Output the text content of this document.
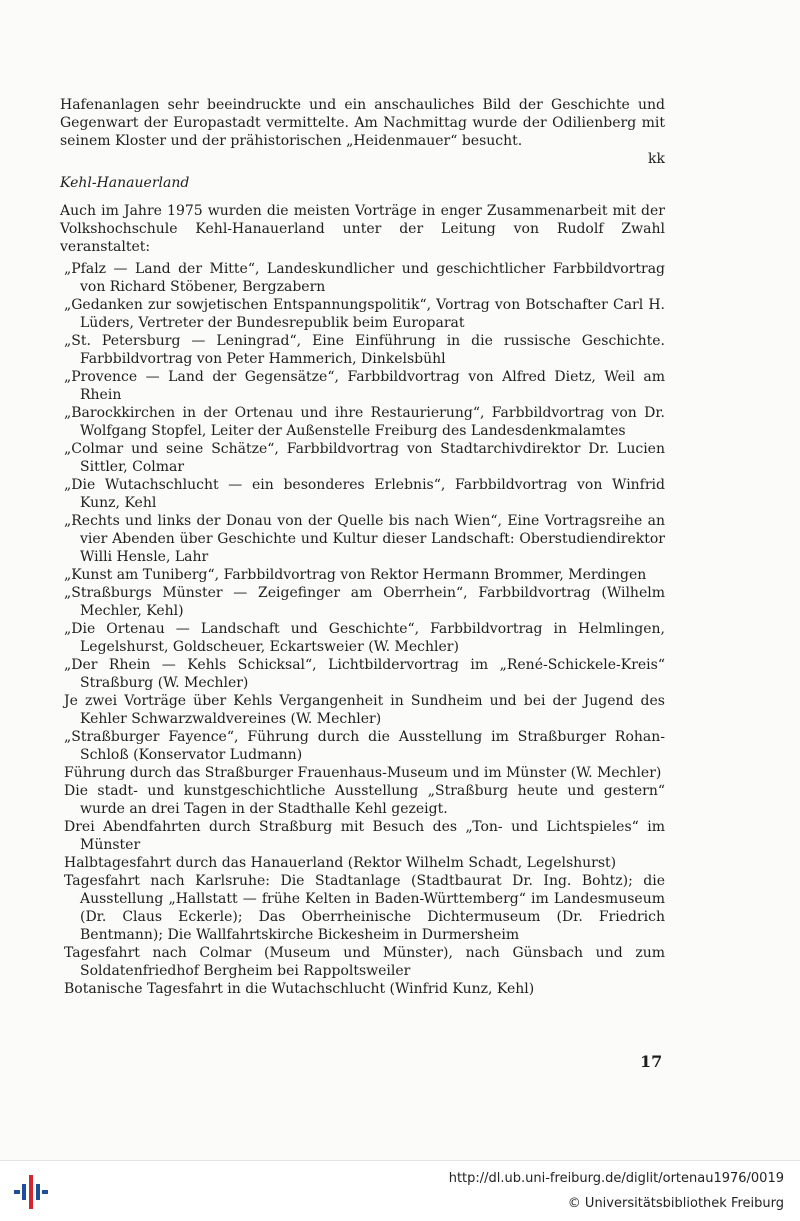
Hafenanlagen sehr beeindruckte und ein anschauliches Bild der Geschichte und Gegenwart der Europastadt vermittelte. Am Nachmittag wurde der Odilienberg mit seinem Kloster und der prähistorischen „Heidenmauer“ besucht.

kk

Kehl-Hanauerland

Auch im Jahre 1975 wurden die meisten Vorträge in enger Zusammenarbeit mit der Volkshochschule Kehl-Hanauerland unter der Leitung von Rudolf Zwahl veranstaltet:

„Pfalz — Land der Mitte“, Landeskundlicher und geschichtlicher Farbbildvortrag von Richard Stöbener, Bergzabern

„Gedanken zur sowjetischen Entspannungspolitik“, Vortrag von Botschafter Carl H. Lüders, Vertreter der Bundesrepublik beim Europarat

„St. Petersburg — Leningrad“, Eine Einführung in die russische Geschichte. Farbbildvortrag von Peter Hammerich, Dinkelsbühl

„Provence — Land der Gegensätze“, Farbbildvortrag von Alfred Dietz, Weil am Rhein

„Barockkirchen in der Ortenau und ihre Restaurierung“, Farbbildvortrag von Dr. Wolfgang Stopfel, Leiter der Außenstelle Freiburg des Landesdenkmalamtes

„Colmar und seine Schätze“, Farbbildvortrag von Stadtarchivdirektor Dr. Lucien Sittler, Colmar

„Die Wutachschlucht — ein besonderes Erlebnis“, Farbbildvortrag von Winfrid Kunz, Kehl

„Rechts und links der Donau von der Quelle bis nach Wien“, Eine Vortragsreihe an vier Abenden über Geschichte und Kultur dieser Landschaft: Oberstudiendirektor Willi Hensle, Lahr

„Kunst am Tuniberg“, Farbbildvortrag von Rektor Hermann Brommer, Merdingen

„Straßburgs Münster — Zeigefinger am Oberrhein“, Farbbildvortrag (Wilhelm Mechler, Kehl)

„Die Ortenau — Landschaft und Geschichte“, Farbbildvortrag in Helmlingen, Legelshurst, Goldscheuer, Eckartsweier (W. Mechler)

„Der Rhein — Kehls Schicksal“, Lichtbildervortrag im „René-Schickele-Kreis“ Straßburg (W. Mechler)

Je zwei Vorträge über Kehls Vergangenheit in Sundheim und bei der Jugend des Kehler Schwarzwaldvereines (W. Mechler)

„Straßburger Fayence“, Führung durch die Ausstellung im Straßburger Rohan-Schloß (Konservator Ludmann)

Führung durch das Straßburger Frauenhaus-Museum und im Münster (W. Mechler)

Die stadt- und kunstgeschichtliche Ausstellung „Straßburg heute und gestern“ wurde an drei Tagen in der Stadthalle Kehl gezeigt.

Drei Abendfahrten durch Straßburg mit Besuch des „Ton- und Lichtspieles“ im Münster

Halbtagesfahrt durch das Hanauerland (Rektor Wilhelm Schadt, Legelshurst)

Tagesfahrt nach Karlsruhe: Die Stadtanlage (Stadtbaurat Dr. Ing. Bohtz); die Ausstellung „Hallstatt — frühe Kelten in Baden-Württemberg“ im Landesmuseum (Dr. Claus Eckerle); Das Oberrheinische Dichtermuseum (Dr. Friedrich Bentmann); Die Wallfahrtskirche Bickesheim in Durmersheim

Tagesfahrt nach Colmar (Museum und Münster), nach Günsbach und zum Soldatenfriedhof Bergheim bei Rappoltsweiler

Botanische Tagesfahrt in die Wutachschlucht (Winfrid Kunz, Kehl)

17
http://dl.ub.uni-freiburg.de/diglit/ortenau1976/0019
© Universitätsbibliothek Freiburg
